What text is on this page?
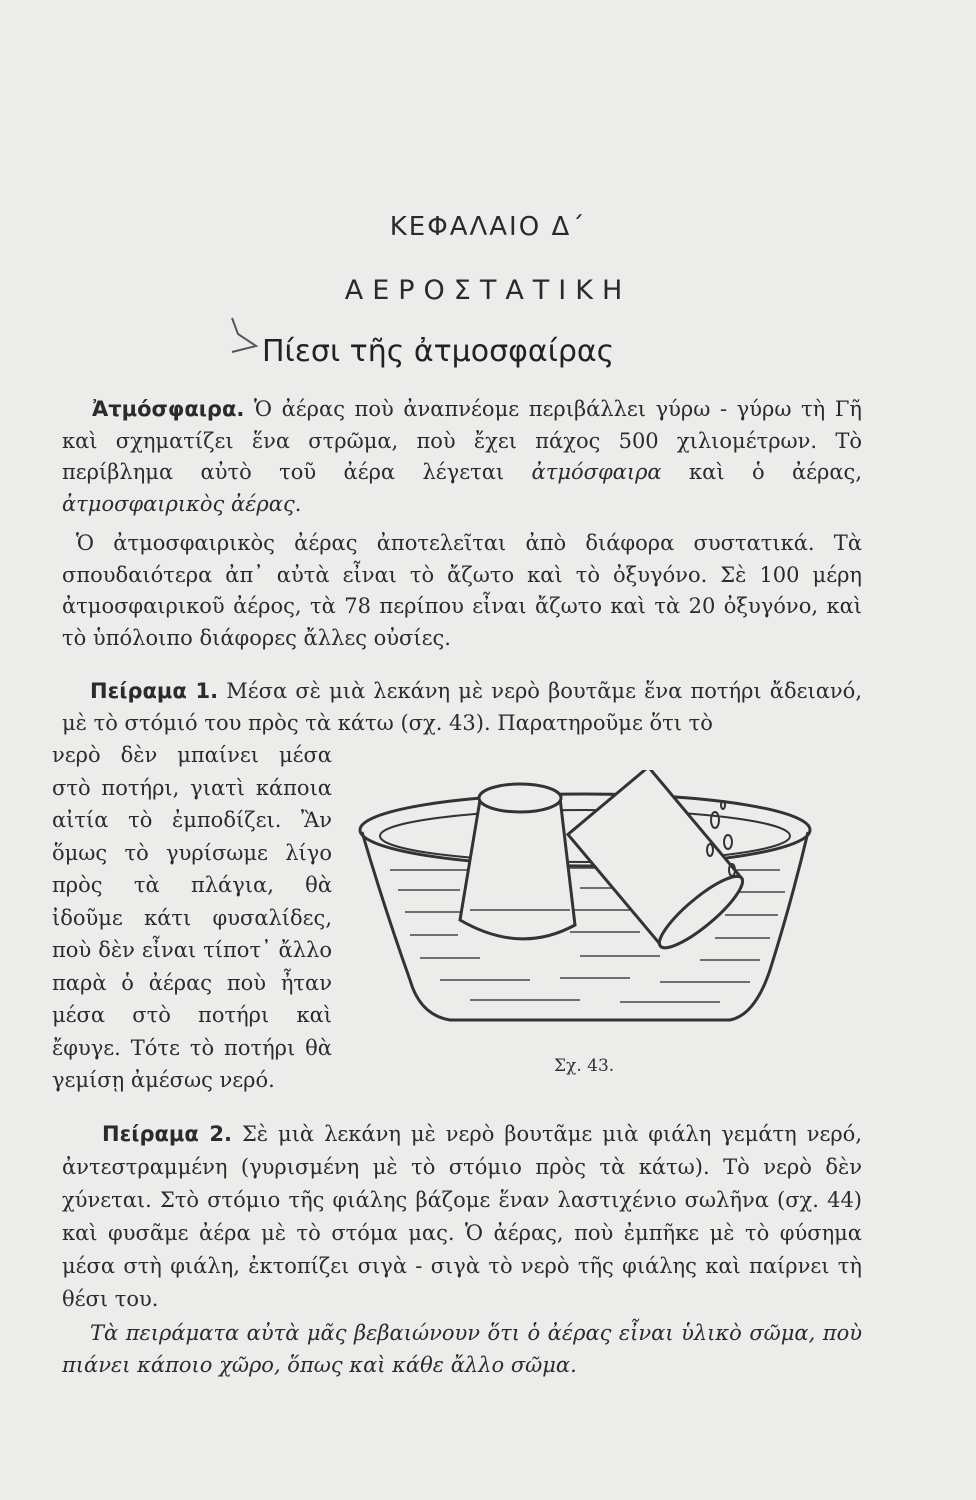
ΚΕΦΑΛΑΙΟ Δ΄
ΑΕΡΟΣΤΑΤΙΚΗ
Πίεσι τῆς ἀτμοσφαίρας
Ἀτμόσφαιρα. Ὁ ἀέρας ποὺ ἀναπνέομε περιβάλλει γύρω - γύρω τὴ Γῆ καὶ σχηματίζει ἕνα στρῶμα, ποὺ ἔχει πάχος 500 χιλιομέτρων. Τὸ περίβλημα αὐτὸ τοῦ ἀέρα λέγεται ἀτμόσφαιρα καὶ ὁ ἀέρας, ἀτμοσφαιρικὸς ἀέρας.
Ὁ ἀτμοσφαιρικὸς ἀέρας ἀποτελεῖται ἀπὸ διάφορα συστατικά. Τὰ σπουδαιότερα ἀπ᾽ αὐτὰ εἶναι τὸ ἄζωτο καὶ τὸ ὀξυγόνο. Σὲ 100 μέρη ἀτμοσφαιρικοῦ ἀέρος, τὰ 78 περίπου εἶναι ἄζωτο καὶ τὰ 20 ὀξυγόνο, καὶ τὸ ὑπόλοιπο διάφορες ἄλλες οὐσίες.
Πείραμα 1. Μέσα σὲ μιὰ λεκάνη μὲ νερὸ βουτᾶμε ἕνα ποτήρι ἄδειανό, μὲ τὸ στόμιό του πρὸς τὰ κάτω (σχ. 43). Παρατηροῦμε ὅτι τὸ
νερὸ δὲν μπαίνει μέσα στὸ ποτήρι, γιατὶ κάποια αἰτία τὸ ἐμποδίζει. Ἂν ὅμως τὸ γυρίσωμε λίγο πρὸς τὰ πλάγια, θὰ ἰδοῦμε κάτι φυσαλίδες, ποὺ δὲν εἶναι τίποτ᾽ ἄλλο παρὰ ὁ ἀέρας ποὺ ἦταν μέσα στὸ ποτήρι καὶ ἔφυγε. Τότε τὸ ποτήρι θὰ γεμίσῃ ἀμέσως νερό.
Σχ. 43.
Πείραμα 2. Σὲ μιὰ λεκάνη μὲ νερὸ βουτᾶμε μιὰ φιάλη γεμάτη νερό, ἀντεστραμμένη (γυρισμένη μὲ τὸ στόμιο πρὸς τὰ κάτω). Τὸ νερὸ δὲν χύνεται. Στὸ στόμιο τῆς φιάλης βάζομε ἕναν λαστιχένιο σωλῆνα (σχ. 44) καὶ φυσᾶμε ἀέρα μὲ τὸ στόμα μας. Ὁ ἀέρας, ποὺ ἐμπῆκε μὲ τὸ φύσημα μέσα στὴ φιάλη, ἐκτοπίζει σιγὰ - σιγὰ τὸ νερὸ τῆς φιάλης καὶ παίρνει τὴ θέσι του.
Τὰ πειράματα αὐτὰ μᾶς βεβαιώνουν ὅτι ὁ ἀέρας εἶναι ὑλικὸ σῶμα, ποὺ πιάνει κάποιο χῶρο, ὅπως καὶ κάθε ἄλλο σῶμα.
